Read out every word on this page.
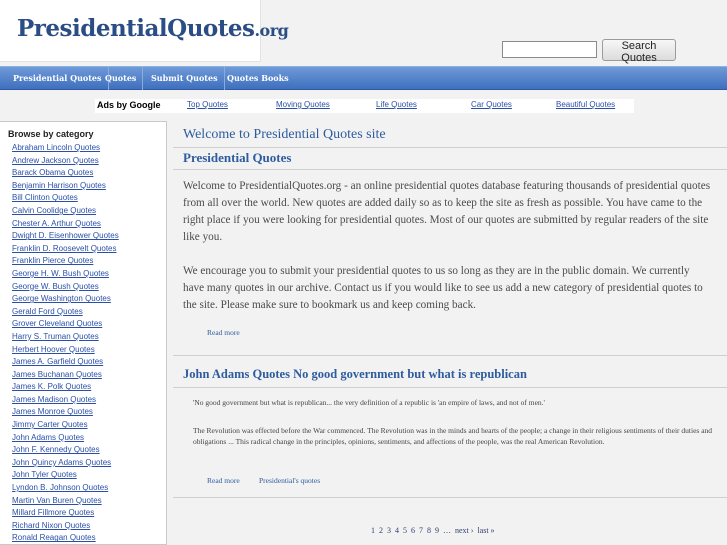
PresidentialQuotes.org
Search Quotes
Presidential Quotes Quotes	Submit Quotes	Quotes Books
Ads by Google	Top Quotes	Moving Quotes	Life Quotes	Car Quotes	Beautiful Quotes
Browse by category
Abraham Lincoln Quotes
Andrew Jackson Quotes
Barack Obama Quotes
Benjamin Harrison Quotes
Bill Clinton Quotes
Calvin Coolidge Quotes
Chester A. Arthur Quotes
Dwight D. Eisenhower Quotes
Franklin D. Roosevelt Quotes
Franklin Pierce Quotes
George H. W. Bush Quotes
George W. Bush Quotes
George Washington Quotes
Gerald Ford Quotes
Grover Cleveland Quotes
Harry S. Truman Quotes
Herbert Hoover Quotes
James A. Garfield Quotes
James Buchanan Quotes
James K. Polk Quotes
James Madison Quotes
James Monroe Quotes
Jimmy Carter Quotes
John Adams Quotes
John F. Kennedy Quotes
John Quincy Adams Quotes
John Tyler Quotes
Lyndon B. Johnson Quotes
Martin Van Buren Quotes
Millard Fillmore Quotes
Richard Nixon Quotes
Ronald Reagan Quotes
Welcome to Presidential Quotes site
Presidential Quotes
Welcome to PresidentialQuotes.org - an online presidential quotes database featuring thousands of presidential quotes from all over the world. New quotes are added daily so as to keep the site as fresh as possible. You have came to the right place if you were looking for presidential quotes. Most of our quotes are submitted by regular readers of the site like you.
We encourage you to submit your presidential quotes to us so long as they are in the public domain. We currently have many quotes in our archive. Contact us if you would like to see us add a new category of presidential quotes to the site. Please make sure to bookmark us and keep coming back.
Read more
John Adams Quotes No good government but what is republican
'No good government but what is republican... the very definition of a republic is 'an empire of laws, and not of men.'
The Revolution was effected before the War commenced. The Revolution was in the minds and hearts of the people; a change in their religious sentiments of their duties and obligations ... This radical change in the principles, opinions, sentiments, and affections of the people, was the real American Revolution.
Read more	Presidential's quotes
1 2 3 4 5 6 7 8 9 … next › last »
